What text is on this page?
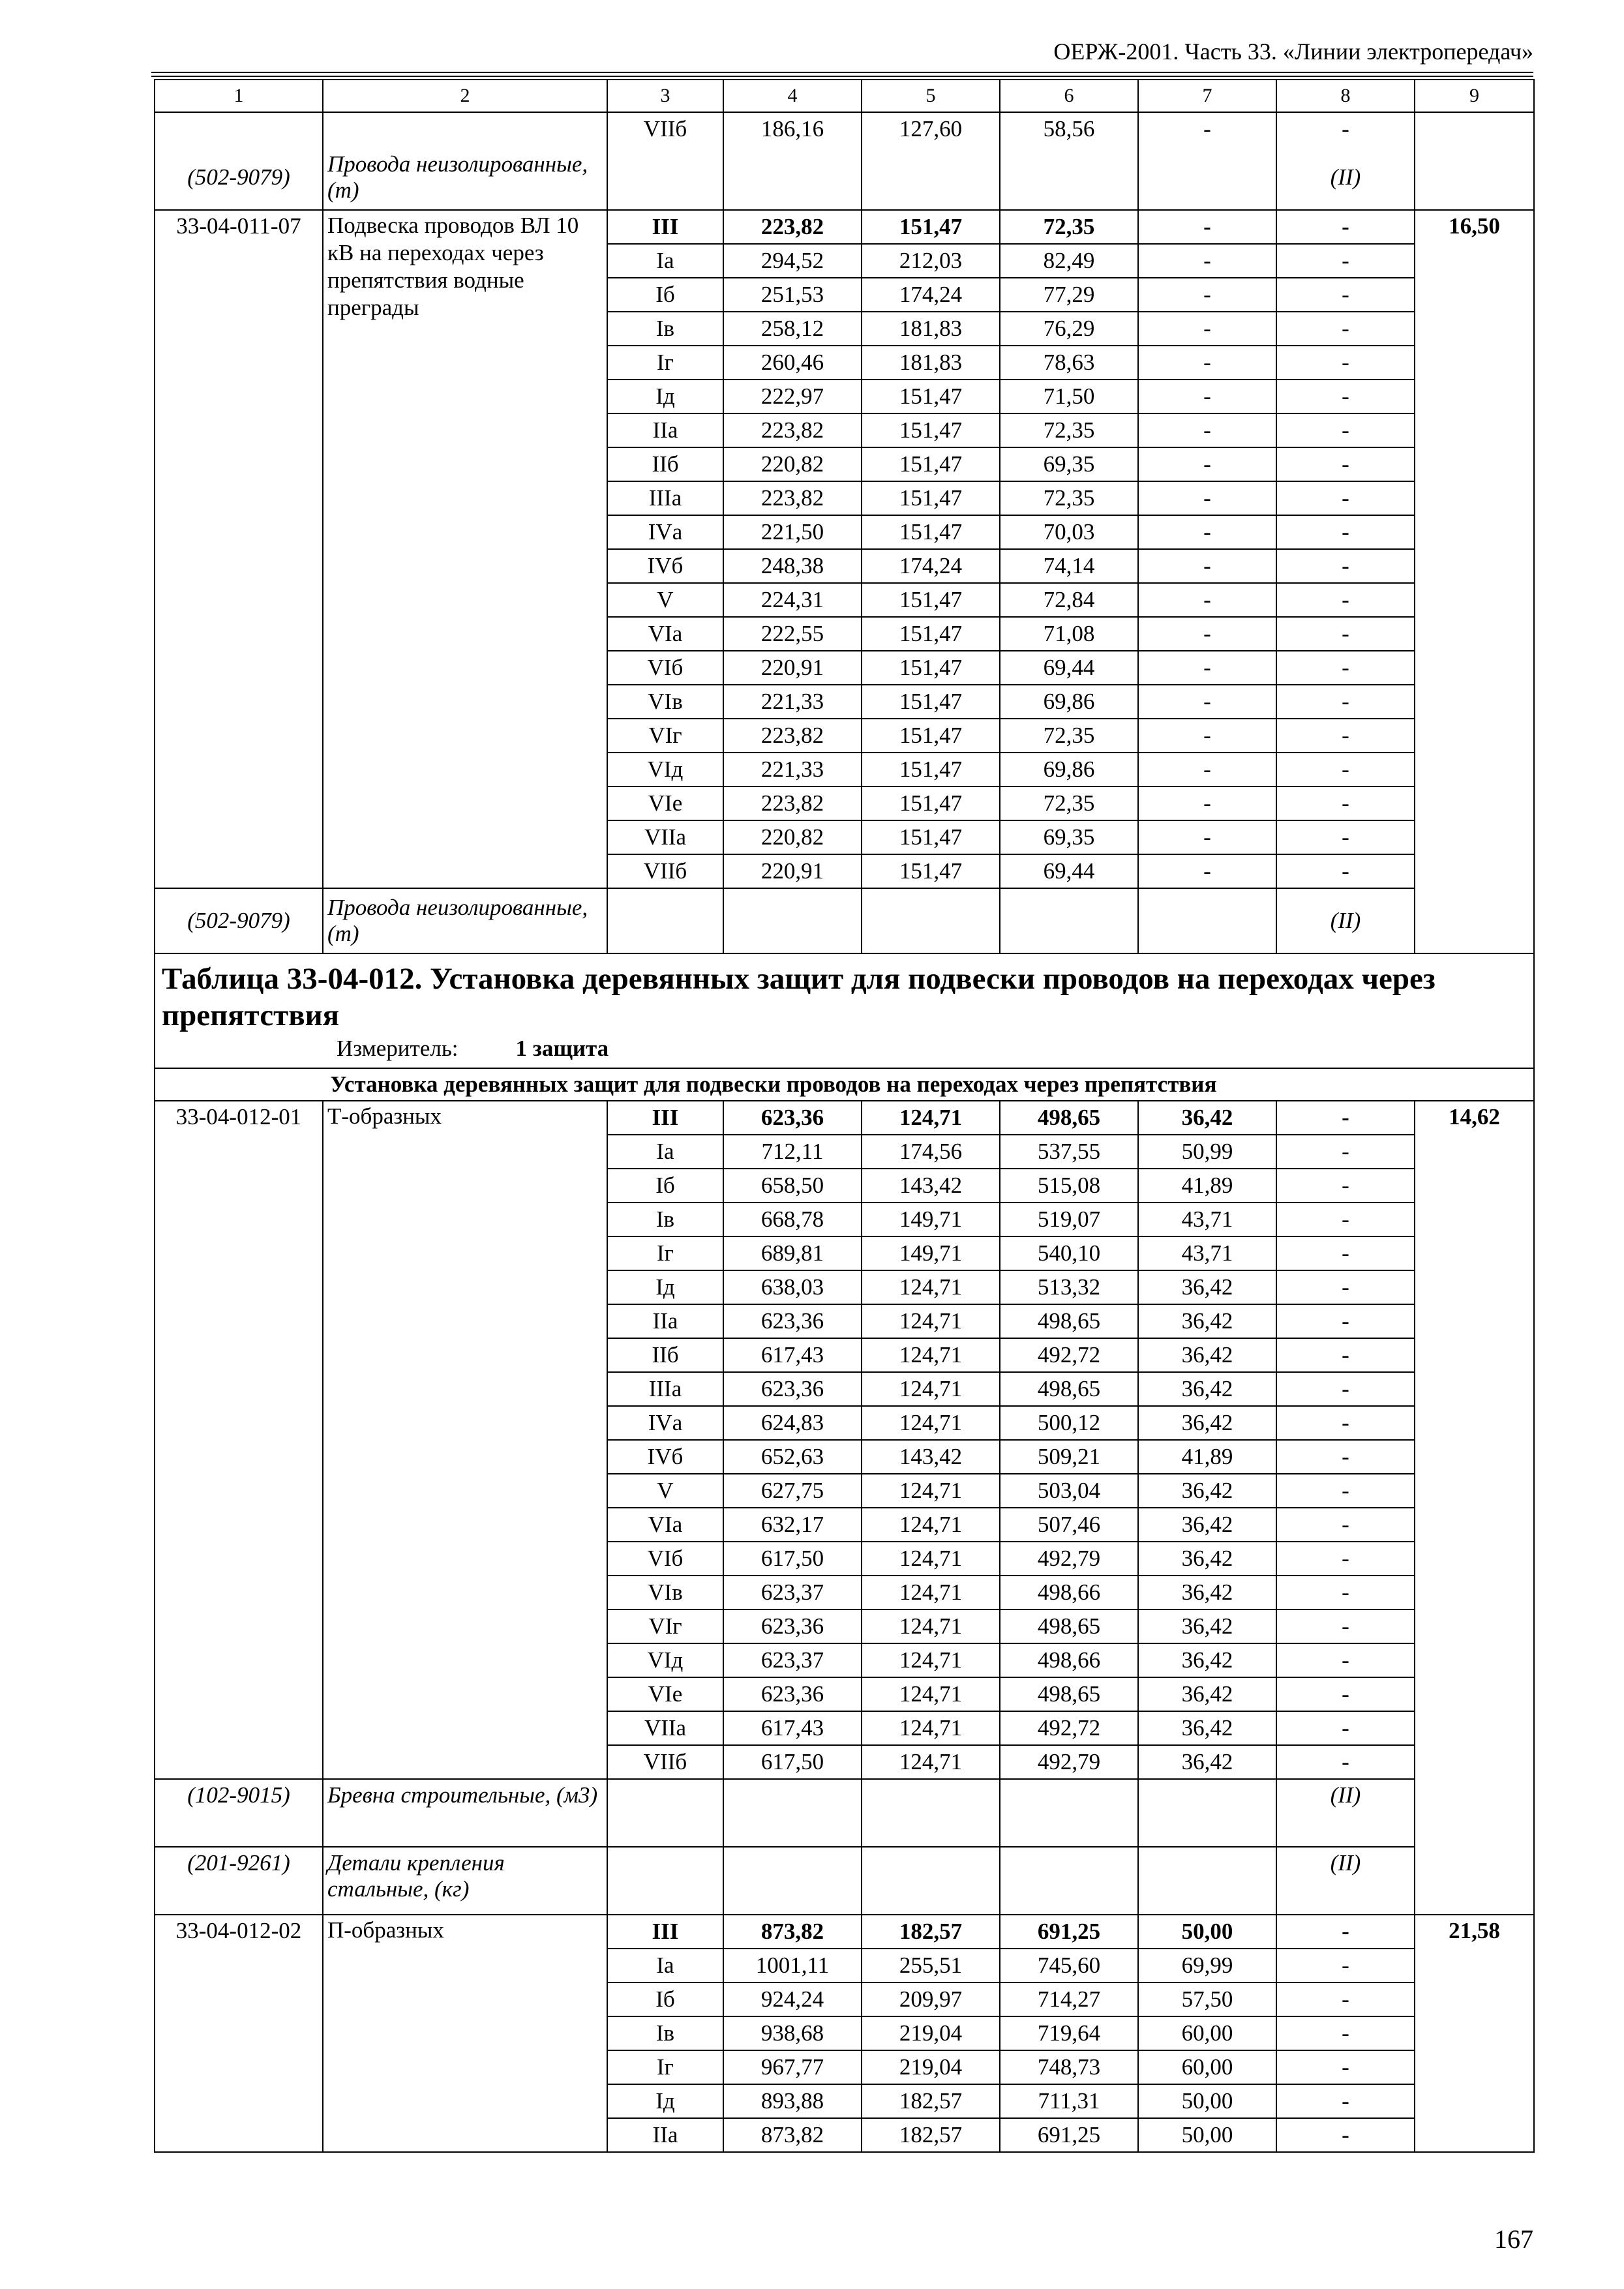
ОЕРЖ-2001. Часть 33. «Линии электропередач»
1	2	3	4	5	6	7	8	9
		VIIб	186,16	127,60	58,56	-	-	
(502-9079)	Провода неизолированные, (т)						(II)	
33-04-011-07	Подвеска проводов ВЛ 10 кВ на переходах через препятствия водные преграды	III	223,82	151,47	72,35	-	-	16,50
		Iа	294,52	212,03	82,49	-	-	
		Iб	251,53	174,24	77,29	-	-	
		Iв	258,12	181,83	76,29	-	-	
		Iг	260,46	181,83	78,63	-	-	
		Iд	222,97	151,47	71,50	-	-	
		IIа	223,82	151,47	72,35	-	-	
		IIб	220,82	151,47	69,35	-	-	
		IIIа	223,82	151,47	72,35	-	-	
		IVа	221,50	151,47	70,03	-	-	
		IVб	248,38	174,24	74,14	-	-	
		V	224,31	151,47	72,84	-	-	
		VIа	222,55	151,47	71,08	-	-	
		VIб	220,91	151,47	69,44	-	-	
		VIв	221,33	151,47	69,86	-	-	
		VIг	223,82	151,47	72,35	-	-	
		VIд	221,33	151,47	69,86	-	-	
		VIе	223,82	151,47	72,35	-	-	
		VIIа	220,82	151,47	69,35	-	-	
		VIIб	220,91	151,47	69,44	-	-	
(502-9079)	Провода неизолированные, (т)						(II)	
Таблица 33-04-012. Установка деревянных защит для подвески проводов на переходах через препятствия
Измеритель: 1 защита								

Установка деревянных защит для подвески проводов на переходах через препятствия								
33-04-012-01	Т-образных	III	623,36	124,71	498,65	36,42	-	14,62
		Iа	712,11	174,56	537,55	50,99	-	
		Iб	658,50	143,42	515,08	41,89	-	
		Iв	668,78	149,71	519,07	43,71	-	
		Iг	689,81	149,71	540,10	43,71	-	
		Iд	638,03	124,71	513,32	36,42	-	
		IIа	623,36	124,71	498,65	36,42	-	
		IIб	617,43	124,71	492,72	36,42	-	
		IIIа	623,36	124,71	498,65	36,42	-	
		IVа	624,83	124,71	500,12	36,42	-	
		IVб	652,63	143,42	509,21	41,89	-	
		V	627,75	124,71	503,04	36,42	-	
		VIа	632,17	124,71	507,46	36,42	-	
		VIб	617,50	124,71	492,79	36,42	-	
		VIв	623,37	124,71	498,66	36,42	-	
		VIг	623,36	124,71	498,65	36,42	-	
		VIд	623,37	124,71	498,66	36,42	-	
		VIе	623,36	124,71	498,65	36,42	-	
		VIIа	617,43	124,71	492,72	36,42	-	
		VIIб	617,50	124,71	492,79	36,42	-	
(102-9015)	Бревна строительные, (м3)						(II)	
(201-9261)	Детали крепления стальные, (кг)						(II)	
33-04-012-02	П-образных	III	873,82	182,57	691,25	50,00	-	21,58
		Iа	1001,11	255,51	745,60	69,99	-	
		Iб	924,24	209,97	714,27	57,50	-	
		Iв	938,68	219,04	719,64	60,00	-	
		Iг	967,77	219,04	748,73	60,00	-	
		Iд	893,88	182,57	711,31	50,00	-	
		IIа	873,82	182,57	691,25	50,00	-	
167
